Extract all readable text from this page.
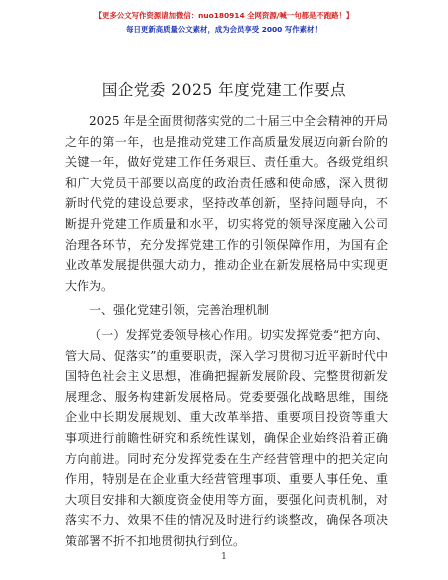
【更多公文写作资源请加微信：nuo180914 全网资源/喊一句都是不跑路！】
每日更新高质量公文素材，成为会员享受 2000 写作素材！
国企党委 2025 年度党建工作要点

2025 年是全面贯彻落实党的二十届三中全会精神的开局之年的第一年，也是推动党建工作高质量发展迈向新台阶的关键一年，做好党建工作任务艰巨、责任重大。各级党组织和广大党员干部要以高度的政治责任感和使命感，深入贯彻新时代党的建设总要求，坚持改革创新，坚持问题导向，不断提升党建工作质量和水平，切实将党的领导深度融入公司治理各环节，充分发挥党建工作的引领保障作用，为国有企业改革发展提供强大动力，推动企业在新发展格局中实现更大作为。

一、强化党建引领，完善治理机制

（一）发挥党委领导核心作用。切实发挥党委“把方向、管大局、促落实”的重要职责，深入学习贯彻习近平新时代中国特色社会主义思想，准确把握新发展阶段、完整贯彻新发展理念、服务构建新发展格局。党委要强化战略思维，围绕企业中长期发展规划、重大改革举措、重要项目投资等重大事项进行前瞻性研究和系统性谋划，确保企业始终沿着正确方向前进。同时充分发挥党委在生产经营管理中的把关定向作用，特别是在企业重大经营管理事项、重要人事任免、重大项目安排和大额度资金使用等方面，要强化问责机制，对落实不力、效果不佳的情况及时进行约谈整改，确保各项决策部署不折不扣地贯彻执行到位。

1
